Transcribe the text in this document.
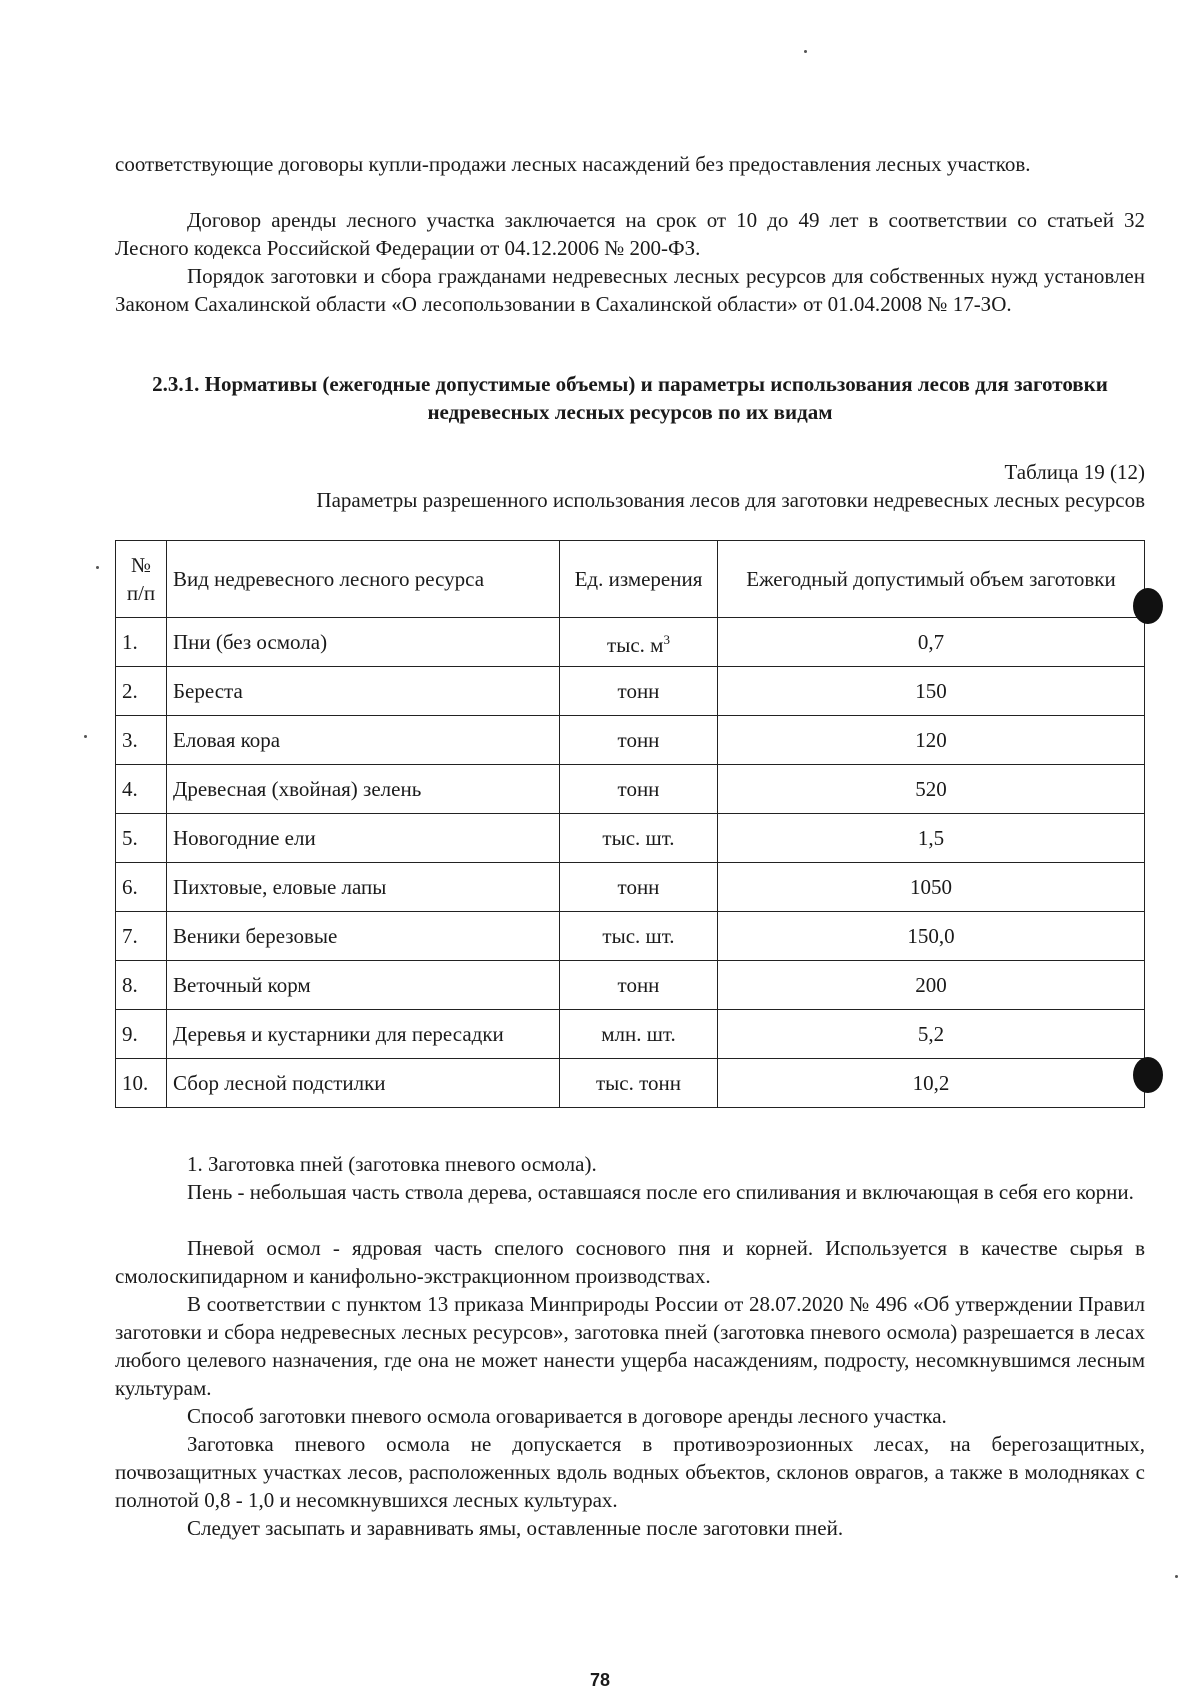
соответствующие договоры купли-продажи лесных насаждений без предоставления лесных участков.

Договор аренды лесного участка заключается на срок от 10 до 49 лет в соответствии со статьей 32 Лесного кодекса Российской Федерации от 04.12.2006 № 200-ФЗ.

Порядок заготовки и сбора гражданами недревесных лесных ресурсов для собственных нужд установлен Законом Сахалинской области «О лесопользовании в Сахалинской области» от 01.04.2008 № 17-ЗО.

2.3.1. Нормативы (ежегодные допустимые объемы) и параметры использования лесов для заготовки недревесных лесных ресурсов по их видам

Таблица 19 (12)
Параметры разрешенного использования лесов для заготовки недревесных лесных ресурсов
№ п/п	Вид недревесного лесного ресурса	Ед. измерения	Ежегодный допустимый объем заготовки
1.	Пни (без осмола)	тыс. $м^3$	0,7
2.	Береста	тонн	150
3.	Еловая кора	тонн	120
4.	Древесная (хвойная) зелень	тонн	520
5.	Новогодние ели	тыс. шт.	1,5
6.	Пихтовые, еловые лапы	тонн	1050
7.	Веники березовые	тыс. шт.	150,0
8.	Веточный корм	тонн	200
9.	Деревья и кустарники для пересадки	млн. шт.	5,2
10.	Сбор лесной подстилки	тыс. тонн	10,2

1. Заготовка пней (заготовка пневого осмола).

Пень - небольшая часть ствола дерева, оставшаяся после его спиливания и включающая в себя его корни.

Пневой осмол - ядровая часть спелого соснового пня и корней. Используется в качестве сырья в смолоскипидарном и канифольно-экстракционном производствах.

В соответствии с пунктом 13 приказа Минприроды России от 28.07.2020 № 496 «Об утверждении Правил заготовки и сбора недревесных лесных ресурсов», заготовка пней (заготовка пневого осмола) разрешается в лесах любого целевого назначения, где она не может нанести ущерба насаждениям, подросту, несомкнувшимся лесным культурам.

Способ заготовки пневого осмола оговаривается в договоре аренды лесного участка.

Заготовка пневого осмола не допускается в противоэрозионных лесах, на берегозащитных, почвозащитных участках лесов, расположенных вдоль водных объектов, склонов оврагов, а также в молодняках с полнотой 0,8 - 1,0 и несомкнувшихся лесных культурах.

Следует засыпать и заравнивать ямы, оставленные после заготовки пней.

78
